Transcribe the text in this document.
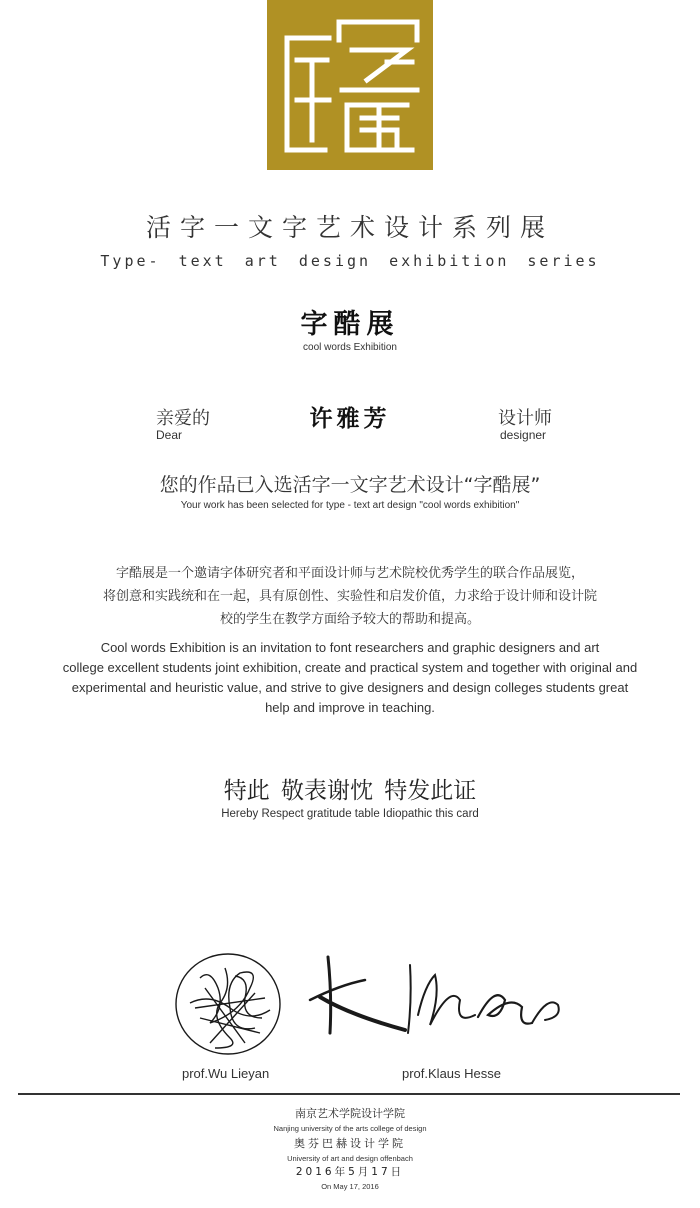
活字一文字艺术设计系列展
Type- text art design exhibition series
字酷展
cool words Exhibition
亲爱的
Dear
许雅芳	设计师
designer
您的作品已入选活字一文字艺术设计“字酷展”
Your work has been selected for type - text art design "cool words exhibition"
字酷展是一个邀请字体研究者和平面设计师与艺术院校优秀学生的联合作品展览，
将创意和实践统和在一起，具有原创性、实验性和启发价值，力求给于设计师和设计院
校的学生在教学方面给予较大的帮助和提高。
Cool words Exhibition is an invitation to font researchers and graphic designers and art
college excellent students joint exhibition, create and practical system and together with original and
experimental and heuristic value, and strive to give designers and design colleges students great
help and improve in teaching.
特此 敬表谢忱 特发此证
Hereby Respect gratitude table Idiopathic this card
prof.Wu Lieyan	prof.Klaus Hesse
南京艺术学院设计学院
Nanjing university of the arts college of design
奥芬巴赫设计学院
University of art and design offenbach
2016年5月17日
On May 17, 2016
